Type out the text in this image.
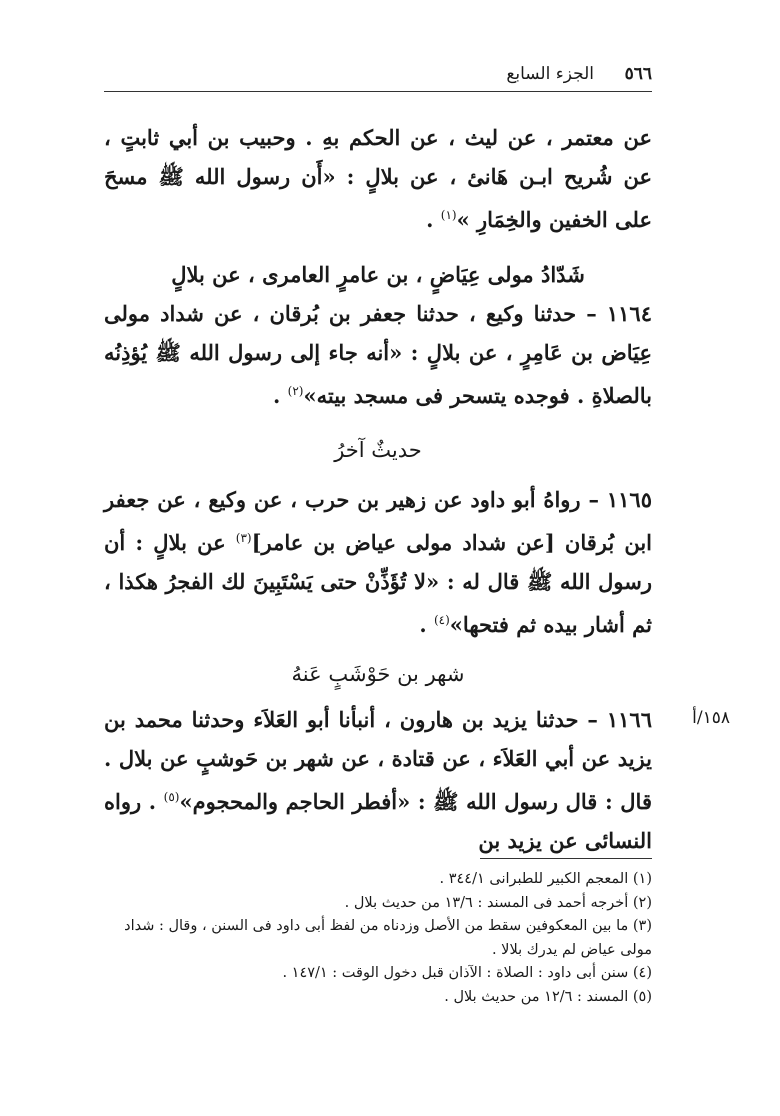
٥٦٦
الجزء السابع
عن معتمر ، عن ليث ، عن الحكم بهِ . وحبيب بن أبي ثابتٍ ، عن شُريح ابـن هَانئ ، عن بلالٍ : «أَن رسول الله ﷺ مسحَ على الخفين والخِمَارِ »$^{(١)}$ .
شَدّادُ مولى عِيَاضٍ ، بن عامرٍ العامرى ، عن بلالٍ
١١٦٤ – حدثنا وكيع ، حدثنا جعفر بن بُرقان ، عن شداد مولى عِيَاض بن عَامِرٍ ، عن بلالٍ : «أنه جاء إلى رسول الله ﷺ يُؤذِنُه بالصلاةِ . فوجده يتسحر فى مسجد بيته»$^{(٢)}$ .
حديثٌ آخرُ
١١٦٥ – رواهُ أبو داود عن زهير بن حرب ، عن وكيع ، عن جعفر ابن بُرقان [عن شداد مولى عياض بن عامر]$^{(٣)}$ عن بلالٍ : أن رسول الله ﷺ قال له : «لا تُؤَذِّنْ حتى يَسْتَبِينَ لك الفجرُ هكذا ، ثم أشار بيده ثم فتحها»$^{(٤)}$ .
شهر بن حَوْشَبٍ عَنهُ
١٥٨/أ
١١٦٦ – حدثنا يزيد بن هارون ، أنبأنا أبو العَلاَء وحدثنا محمد بن يزيد عن أبي العَلاَء ، عن قتادة ، عن شهر بن حَوشبٍ عن بلال . قال : قال رسول الله ﷺ : «أفطر الحاجم والمحجوم»$^{(٥)}$ . رواه النسائى عن يزيد بن
(١) المعجم الكبير للطبرانى ٣٤٤/١ .
(٢) أخرجه أحمد فى المسند : ١٣/٦ من حديث بلال .
(٣) ما بين المعكوفين سقط من الأصل وزدناه من لفظ أبى داود فى السنن ، وقال : شداد مولى عياض لم يدرك بلالا .
(٤) سنن أبى داود : الصلاة : الآذان قبل دخول الوقت : ١٤٧/١ .
(٥) المسند : ١٢/٦ من حديث بلال .
